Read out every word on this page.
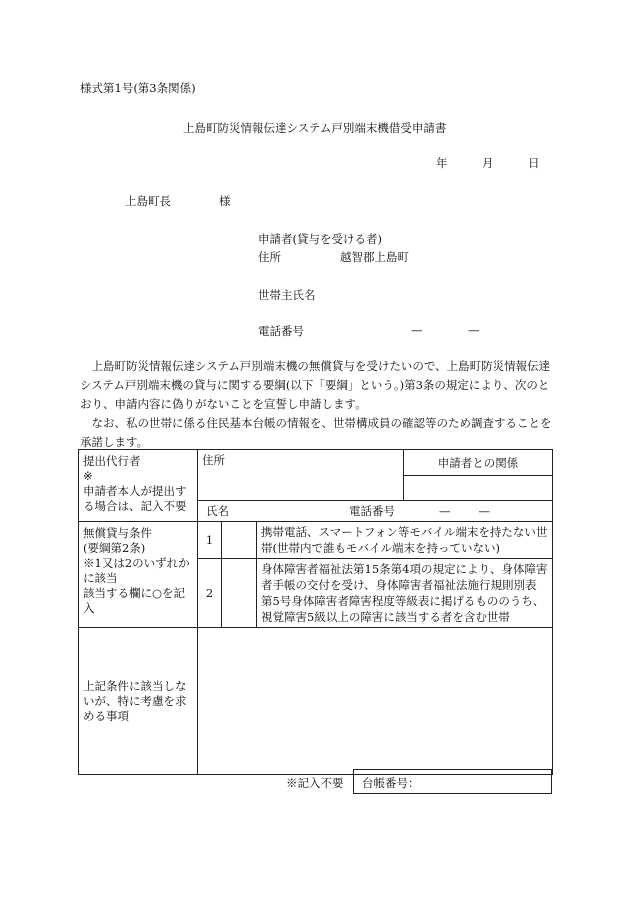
様式第1号(第3条関係)
上島町防災情報伝達システム戸別端末機借受申請書
年	月	日
上島町長	様
申請者(貸与を受ける者)
住所	越智郡上島町
世帯主氏名
電話番号	—	—

上島町防災情報伝達システム戸別端末機の無償貸与を受けたいので、上島町防災情報伝達システム戸別端末機の貸与に関する要綱(以下「要綱」という。)第3条の規定により、次のとおり、申請内容に偽りがないことを宣誓し申請します。

なお、私の世帯に係る住民基本台帳の情報を、世帯構成員の確認等のため調査することを承諾します。

提出代行者
※
申請者本人が提出する場合は、記入不要	住所			申請者との関係

	氏名 電話番号 — —			

無償貸与条件
(要綱第2条)
※1又は2のいずれかに該当
該当する欄に○を記入	1		携帯電話、スマートフォン等モバイル端末を持たない世帯(世帯内で誰もモバイル端末を持っていない)	
	2		身体障害者福祉法第15条第4項の規定により、身体障害者手帳の交付を受け、身体障害者福祉法施行規則別表第5号身体障害者障害程度等級表に掲げるもののうち、視覚障害5級以上の障害に該当する者を含む世帯	
上記条件に該当しないが、特に考慮を求める事項				
※記入不要	台帳番号：
